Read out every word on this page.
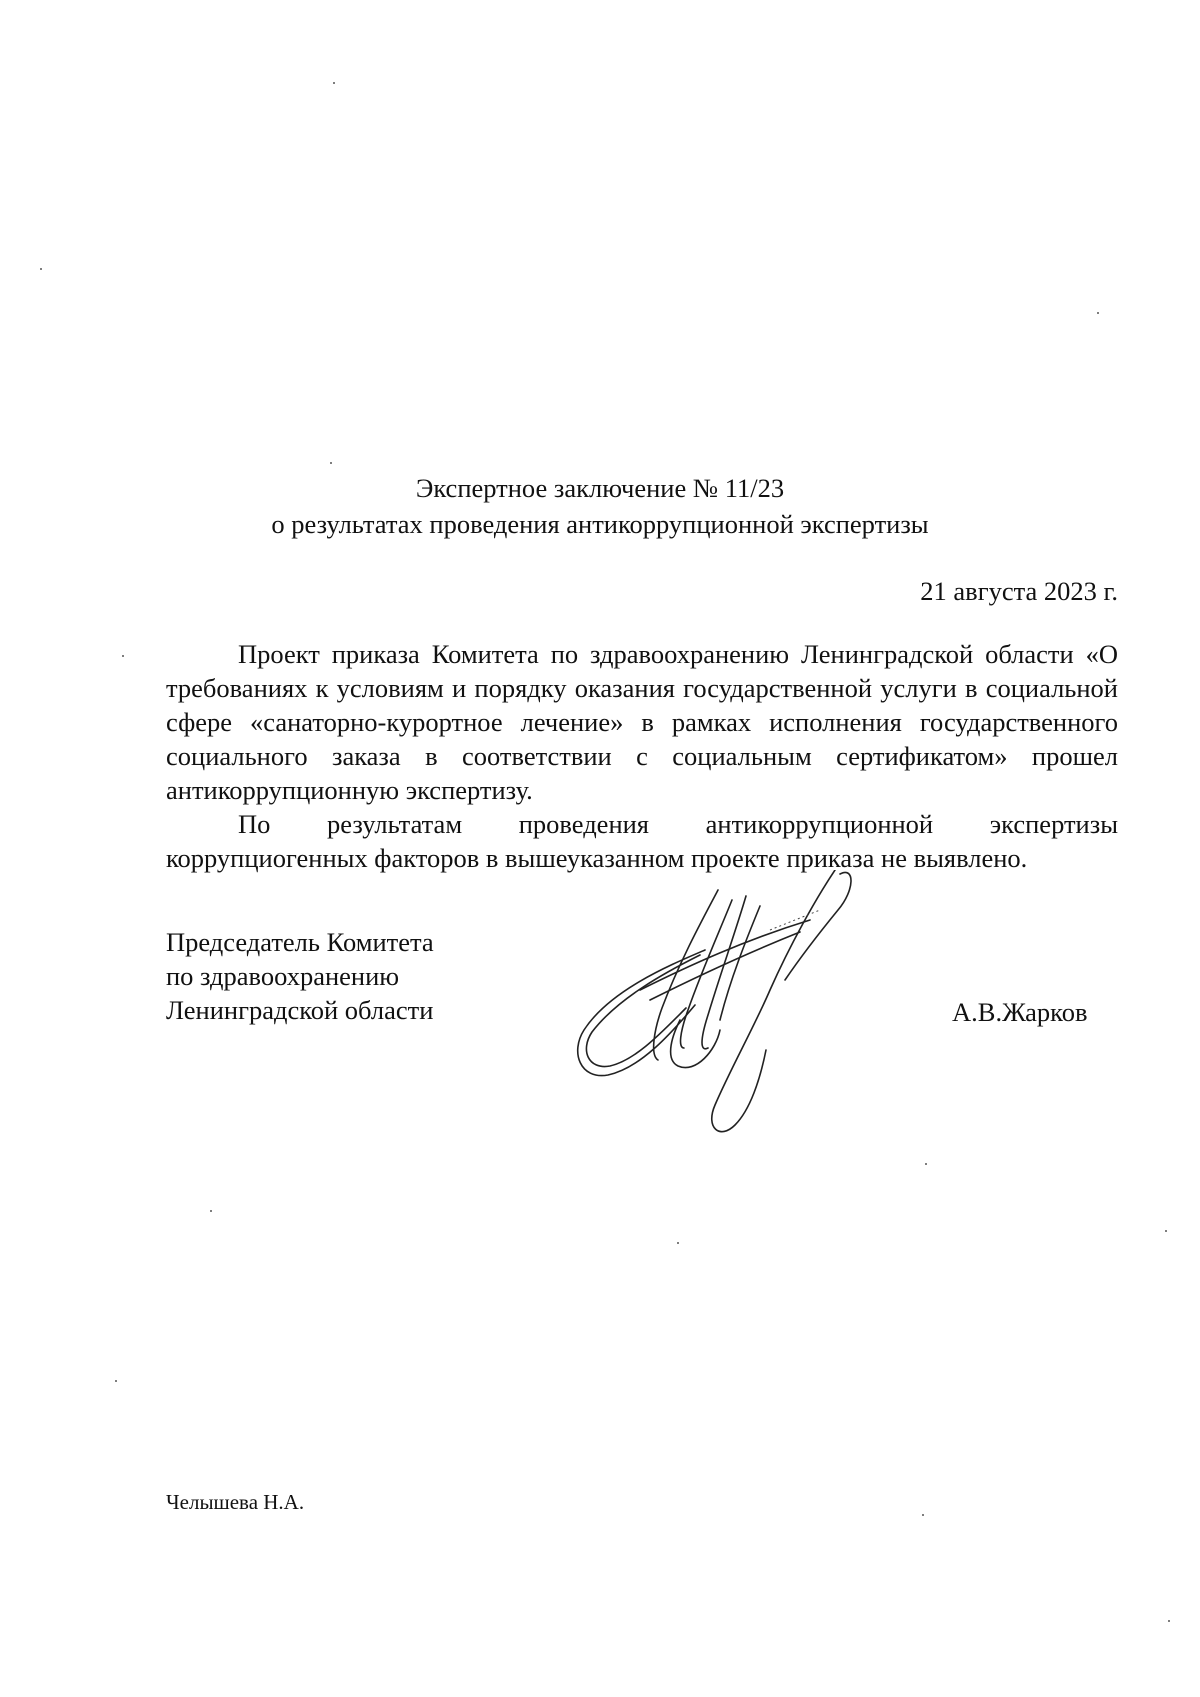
Экспертное заключение № 11/23
о результатах проведения антикоррупционной экспертизы
21 августа 2023 г.

Проект приказа Комитета по здравоохранению Ленинградской области «О требованиях к условиям и порядку оказания государственной услуги в социальной сфере «санаторно-курортное лечение» в рамках исполнения государственного социального заказа в соответствии с социальным сертификатом» прошел антикоррупционную экспертизу.

По результатам проведения антикоррупционной экспертизы коррупциогенных факторов в вышеуказанном проекте приказа не выявлено.

Председатель Комитета
по здравоохранению
Ленинградской области	А.В.Жарков
Челышева Н.А.
